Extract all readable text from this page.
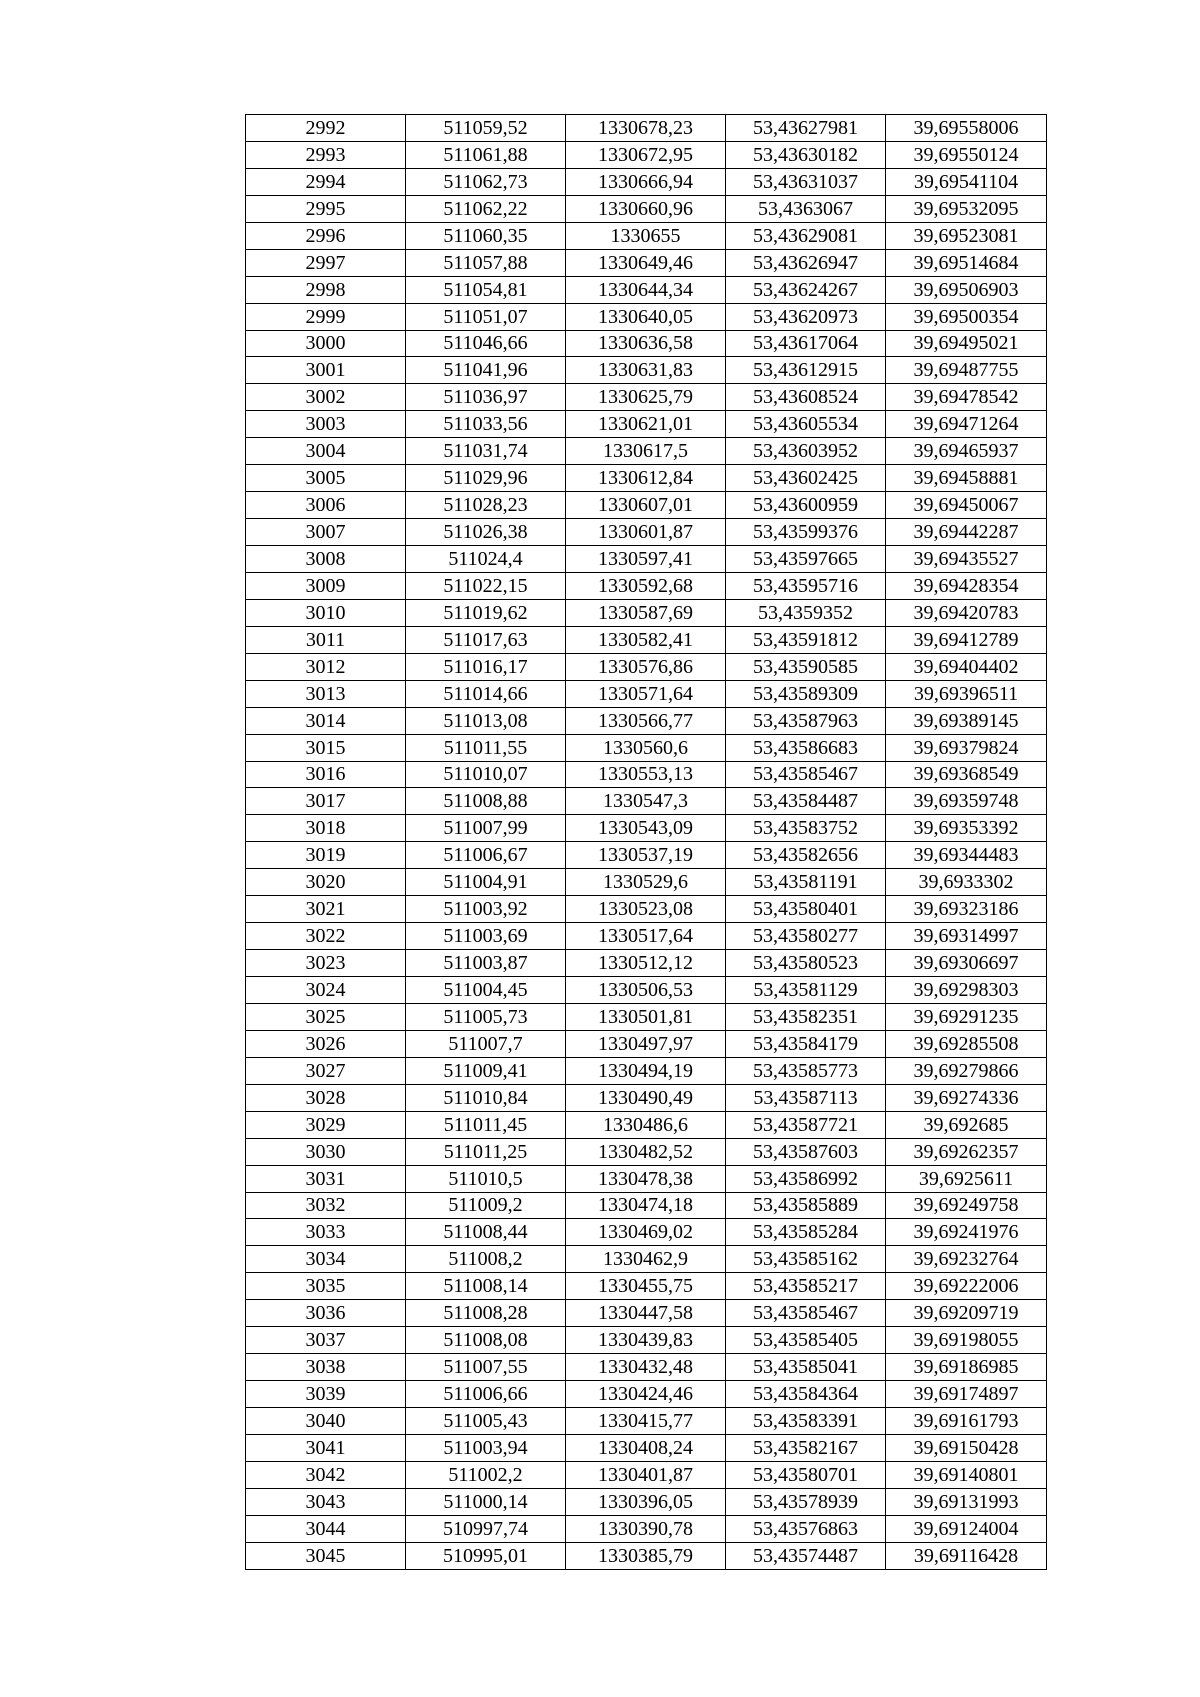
2992	511059,52	1330678,23	53,43627981	39,69558006
2993	511061,88	1330672,95	53,43630182	39,69550124
2994	511062,73	1330666,94	53,43631037	39,69541104
2995	511062,22	1330660,96	53,4363067	39,69532095
2996	511060,35	1330655	53,43629081	39,69523081
2997	511057,88	1330649,46	53,43626947	39,69514684
2998	511054,81	1330644,34	53,43624267	39,69506903
2999	511051,07	1330640,05	53,43620973	39,69500354
3000	511046,66	1330636,58	53,43617064	39,69495021
3001	511041,96	1330631,83	53,43612915	39,69487755
3002	511036,97	1330625,79	53,43608524	39,69478542
3003	511033,56	1330621,01	53,43605534	39,69471264
3004	511031,74	1330617,5	53,43603952	39,69465937
3005	511029,96	1330612,84	53,43602425	39,69458881
3006	511028,23	1330607,01	53,43600959	39,69450067
3007	511026,38	1330601,87	53,43599376	39,69442287
3008	511024,4	1330597,41	53,43597665	39,69435527
3009	511022,15	1330592,68	53,43595716	39,69428354
3010	511019,62	1330587,69	53,4359352	39,69420783
3011	511017,63	1330582,41	53,43591812	39,69412789
3012	511016,17	1330576,86	53,43590585	39,69404402
3013	511014,66	1330571,64	53,43589309	39,69396511
3014	511013,08	1330566,77	53,43587963	39,69389145
3015	511011,55	1330560,6	53,43586683	39,69379824
3016	511010,07	1330553,13	53,43585467	39,69368549
3017	511008,88	1330547,3	53,43584487	39,69359748
3018	511007,99	1330543,09	53,43583752	39,69353392
3019	511006,67	1330537,19	53,43582656	39,69344483
3020	511004,91	1330529,6	53,43581191	39,6933302
3021	511003,92	1330523,08	53,43580401	39,69323186
3022	511003,69	1330517,64	53,43580277	39,69314997
3023	511003,87	1330512,12	53,43580523	39,69306697
3024	511004,45	1330506,53	53,43581129	39,69298303
3025	511005,73	1330501,81	53,43582351	39,69291235
3026	511007,7	1330497,97	53,43584179	39,69285508
3027	511009,41	1330494,19	53,43585773	39,69279866
3028	511010,84	1330490,49	53,43587113	39,69274336
3029	511011,45	1330486,6	53,43587721	39,692685
3030	511011,25	1330482,52	53,43587603	39,69262357
3031	511010,5	1330478,38	53,43586992	39,6925611
3032	511009,2	1330474,18	53,43585889	39,69249758
3033	511008,44	1330469,02	53,43585284	39,69241976
3034	511008,2	1330462,9	53,43585162	39,69232764
3035	511008,14	1330455,75	53,43585217	39,69222006
3036	511008,28	1330447,58	53,43585467	39,69209719
3037	511008,08	1330439,83	53,43585405	39,69198055
3038	511007,55	1330432,48	53,43585041	39,69186985
3039	511006,66	1330424,46	53,43584364	39,69174897
3040	511005,43	1330415,77	53,43583391	39,69161793
3041	511003,94	1330408,24	53,43582167	39,69150428
3042	511002,2	1330401,87	53,43580701	39,69140801
3043	511000,14	1330396,05	53,43578939	39,69131993
3044	510997,74	1330390,78	53,43576863	39,69124004
3045	510995,01	1330385,79	53,43574487	39,69116428
